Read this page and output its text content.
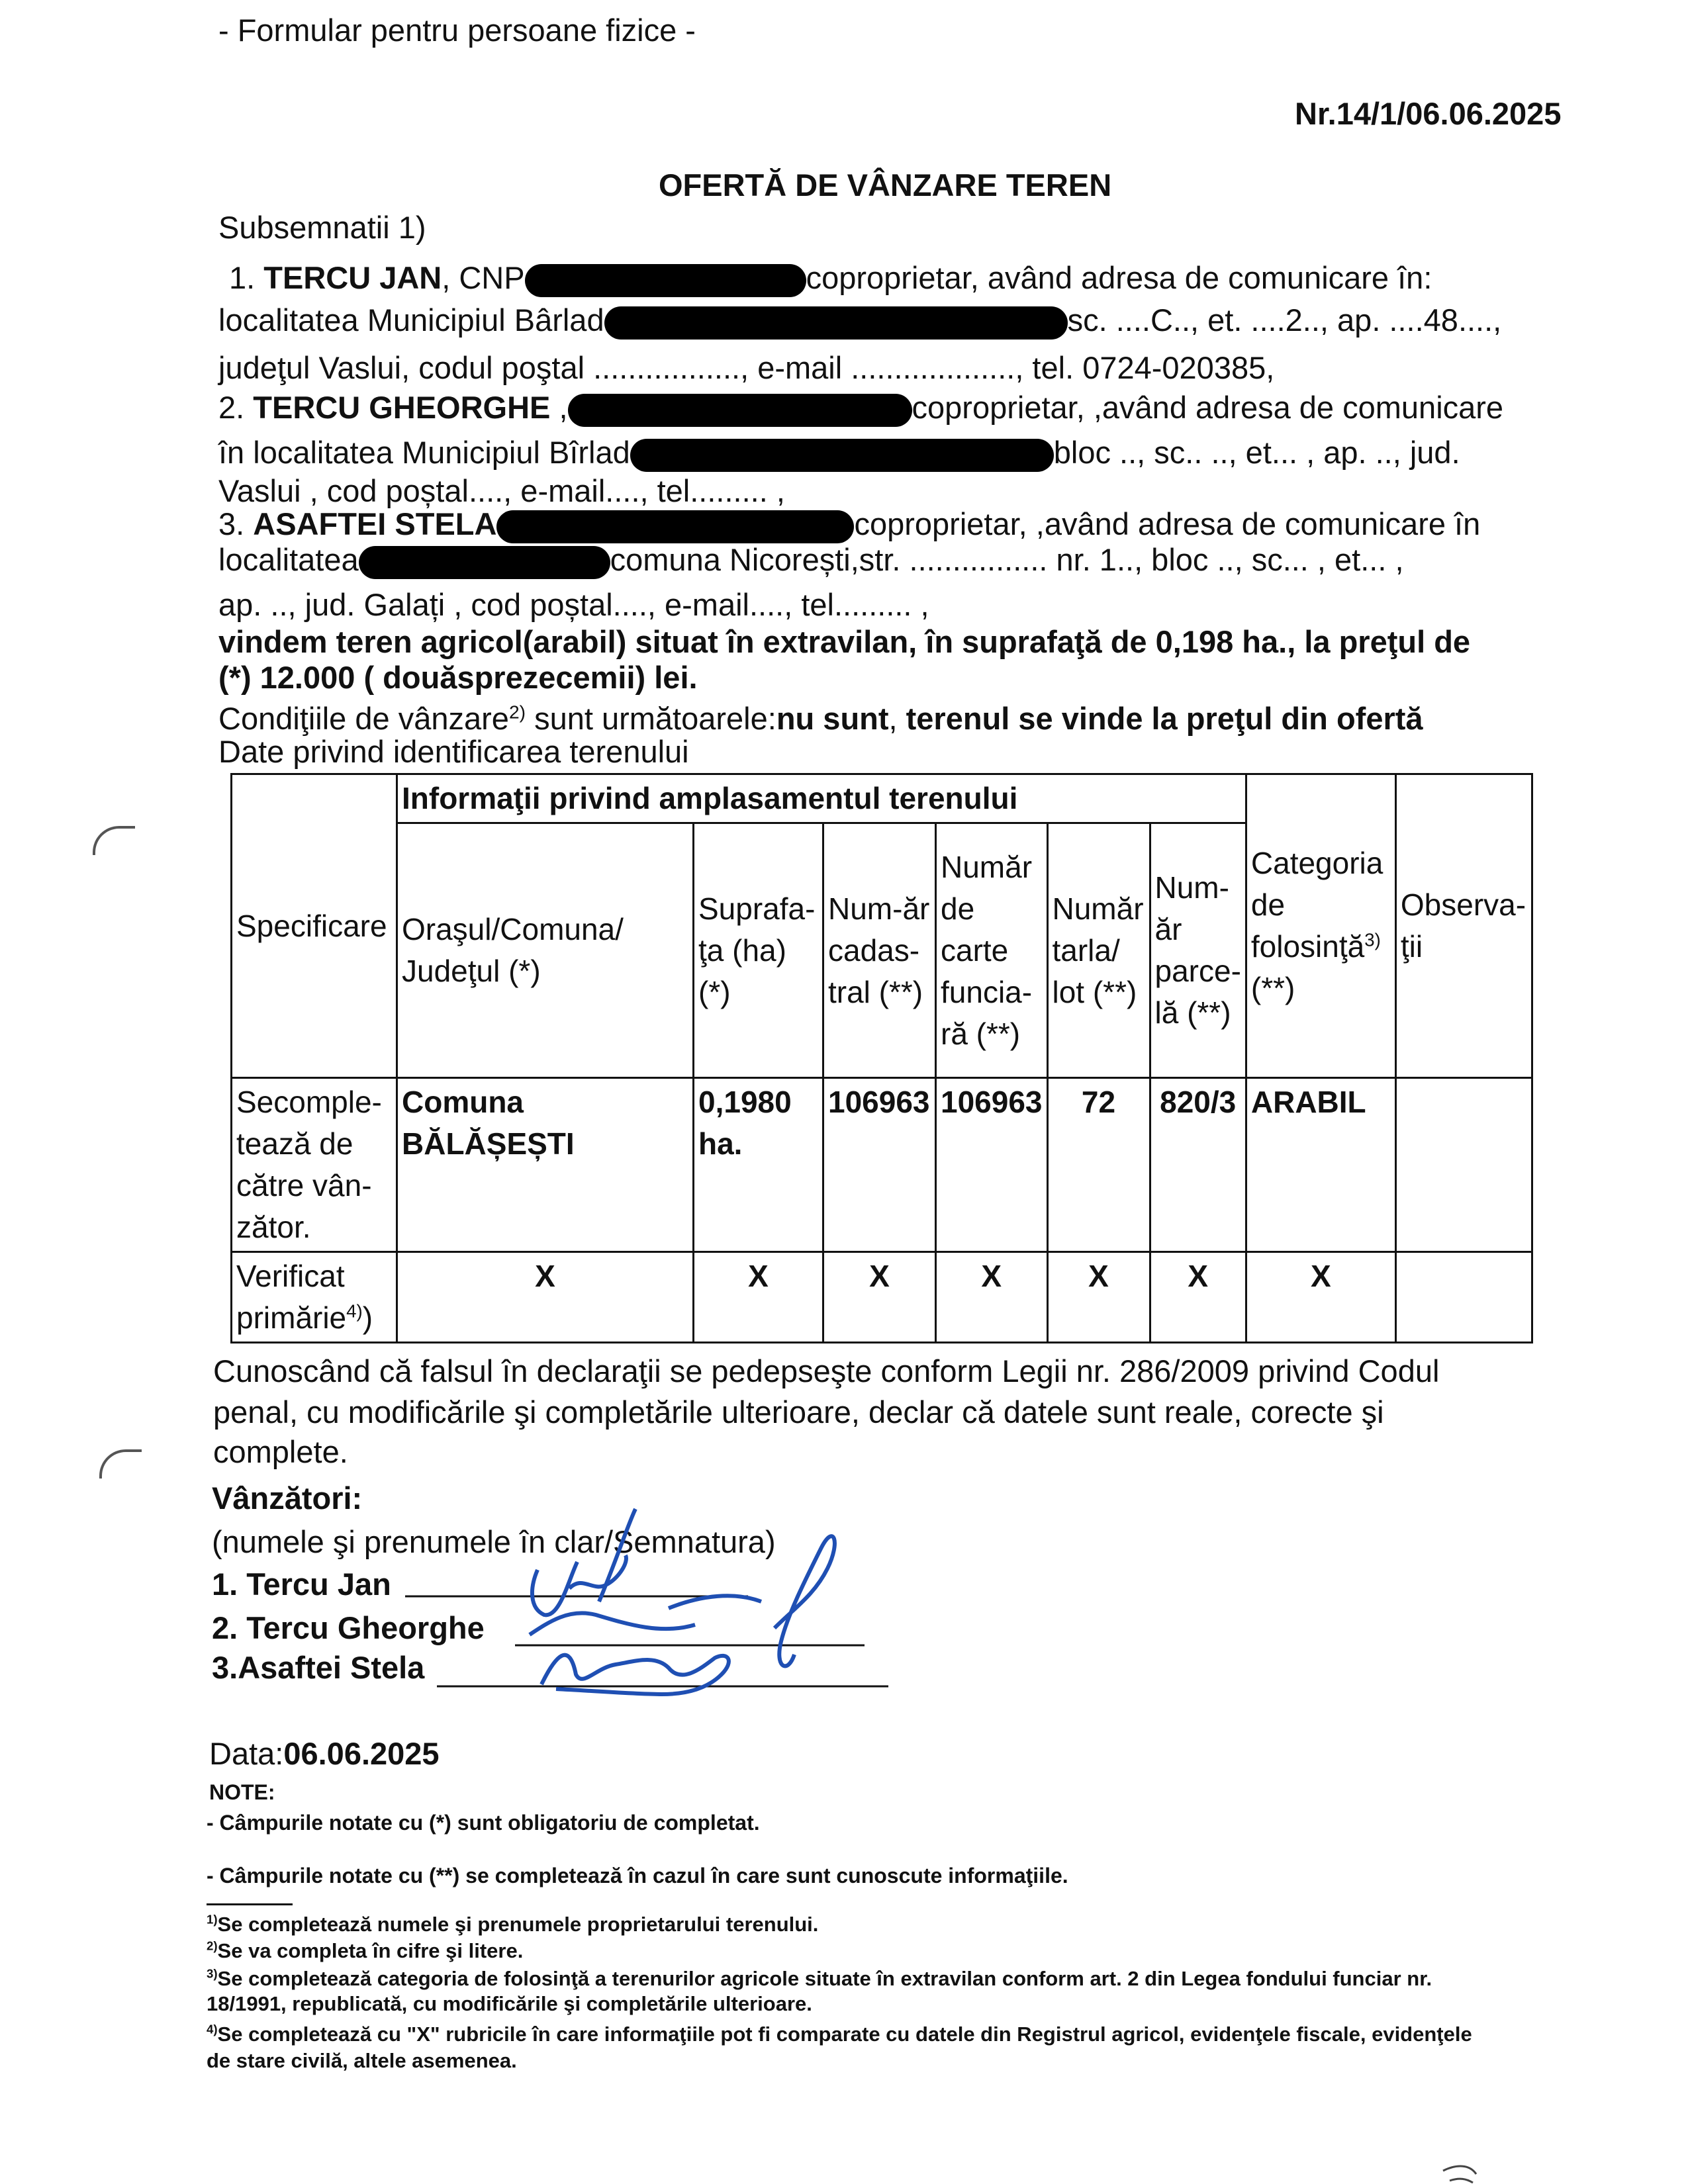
- Formular pentru persoane fizice -
Nr.14/1/06.06.2025
OFERTĂ DE VÂNZARE TEREN
Subsemnatii 1)
1. TERCU JAN, CNP	coproprietar, având adresa de comunicare în:
localitatea Municipiul Bârlad	sc. ....C.., et. ....2.., ap. ....48....,
judeţul Vaslui, codul poştal ................., e-mail ..................., tel. 0724-020385,
2. TERCU GHEORGHE ,	coproprietar, ,având adresa de comunicare
în localitatea Municipiul Bîrlad	bloc .., sc.. .., et... , ap. .., jud.
Vaslui , cod poștal...., e-mail...., tel......... ,
3. ASAFTEI STELA	coproprietar, ,având adresa de comunicare în
localitatea	comuna Nicorești,str. ................ nr. 1.., bloc .., sc... , et... ,
ap. .., jud. Galați , cod poștal...., e-mail...., tel......... ,
vindem teren agricol(arabil) situat în extravilan, în suprafaţă de 0,198 ha., la preţul de
(*) 12.000 ( douăsprezecemii) lei.
Condiţiile de vânzare$^{2)}$ sunt următoarele:nu sunt, terenul se vinde la preţul din ofertă
Date privind identificarea terenului
Specificare	Informaţii privind amplasamentul terenului						Categoria de folosinţă$^{3)}$ (**)	Observa- ţii
	Oraşul/Comuna/ Judeţul (*)	Suprafa- ţa (ha) (*)	Num-ăr cadas- tral (**)	Număr de carte funcia- ră (**)	Număr tarla/ lot (**)	Num- ăr parce- lă (**)		
Secomple- tează de către vân- zător.	Comuna BĂLĂȘEȘTI	0,1980 ha.	106963	106963	72	820/3	ARABIL	
Verificat primărie$^{4)}$)	X	X	X	X	X	X	X	
Cunoscând că falsul în declaraţii se pedepseşte conform Legii nr. 286/2009 privind Codul
penal, cu modificările şi completările ulterioare, declar că datele sunt reale, corecte şi
complete.
Vânzători:
(numele şi prenumele în clar/Semnatura)
1. Tercu Jan
2. Tercu Gheorghe
3.Asaftei Stela
Data:06.06.2025
NOTE:
- Câmpurile notate cu (*) sunt obligatoriu de completat.
- Câmpurile notate cu (**) se completează în cazul în care sunt cunoscute informaţiile.
$^{1)}$Se completează numele şi prenumele proprietarului terenului.
$^{2)}$Se va completa în cifre şi litere.
$^{3)}$Se completează categoria de folosinţă a terenurilor agricole situate în extravilan conform art. 2 din Legea fondului funciar nr.
18/1991, republicată, cu modificările şi completările ulterioare.
$^{4)}$Se completează cu "X" rubricile în care informaţiile pot fi comparate cu datele din Registrul agricol, evidenţele fiscale, evidenţele
de stare civilă, altele asemenea.
